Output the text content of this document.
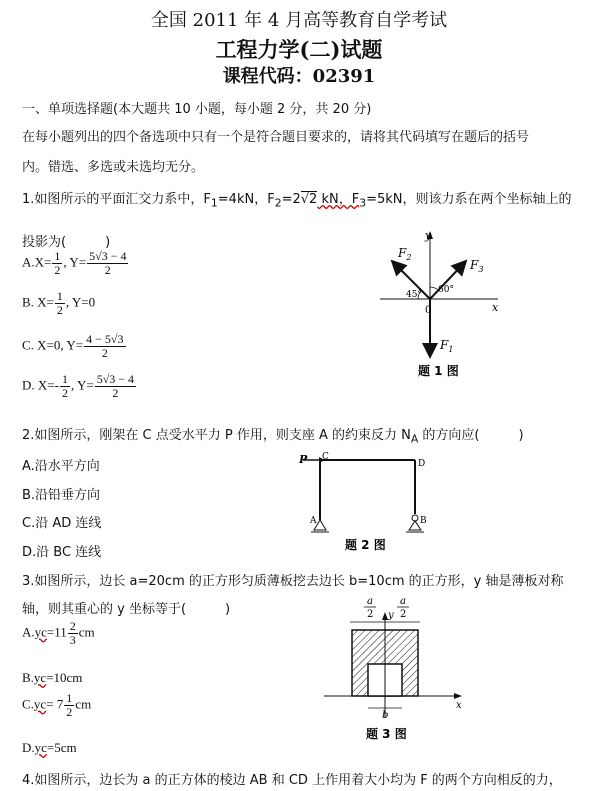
全国 2011 年 4 月高等教育自学考试
工程力学(二)试题
课程代码：02391
一、单项选择题(本大题共 10 小题，每小题 2 分，共 20 分)
在每小题列出的四个备选项中只有一个是符合题目要求的，请将其代码填写在题后的括号
内。错选、多选或未选均无分。
1.如图所示的平面汇交力系中，$F_1=4kN$，$F_2=2√2$ kN，$F_3=5kN$，则该力系在两个坐标轴上的
投影为(　　　)
$A.X= \frac{1}{2}$ , $Y= \frac{5√3 - 4}{2}$
B. $X= \frac{1}{2}$ , Y=0
C. X=0, $Y= \frac{4 - 5√3}{2}$
D. $X=- \frac{1}{2}$ , $Y= \frac{5√3 - 4}{2}$
y
x
0
45° 60°
$F_2$
$F_3$
$F_1$
题 1 图
2.如图所示，刚架在 C 点受水平力 P 作用，则支座 A 的约束反力 $N_A$ 的方向应(　　　)
A.沿水平方向
B.沿铅垂方向
C.沿 AD 连线
D.沿 BC 连线
P C
D
A	B
题 2 图
3.如图所示，边长 a=20cm 的正方形匀质薄板挖去边长 b=10cm 的正方形，y 轴是薄板对称
轴，则其重心的 y 坐标等于(　　　)
$A.yc=11 \frac{2}{3}$ cm
B.yc=10cm
$C.yc= 7 \frac{1}{2}$ cm
D.yc=5cm
a
2
a
2
y
x
b
题 3 图
4.如图所示，边长为 a 的正方体的棱边 AB 和 CD 上作用着大小均为 F 的两个方向相反的力，
